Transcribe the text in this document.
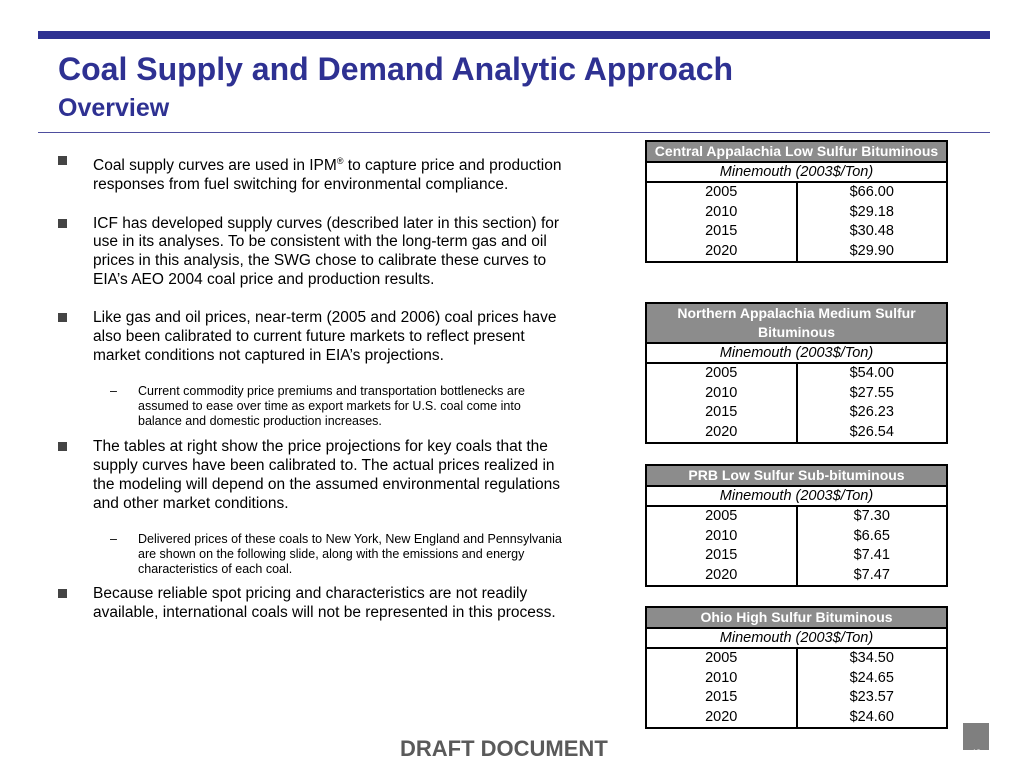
Coal Supply and Demand Analytic Approach
Overview
Coal supply curves are used in IPM® to capture price and production responses from fuel switching for environmental compliance.
ICF has developed supply curves (described later in this section) for use in its analyses. To be consistent with the long-term gas and oil prices in this analysis, the SWG chose to calibrate these curves to EIA’s AEO 2004 coal price and production results.
Like gas and oil prices, near-term (2005 and 2006) coal prices have also been calibrated to current future markets to reflect present market conditions not captured in EIA’s projections.
– Current commodity price premiums and transportation bottlenecks are assumed to ease over time as export markets for U.S. coal come into balance and domestic production increases.
The tables at right show the price projections for key coals that the supply curves have been calibrated to. The actual prices realized in the modeling will depend on the assumed environmental regulations and other market conditions.
– Delivered prices of these coals to New York, New England and Pennsylvania are shown on the following slide, along with the emissions and energy characteristics of each coal.
Because reliable spot pricing and characteristics are not readily available, international coals will not be represented in this process.
Central Appalachia Low Sulfur Bituminous
Minemouth (2003$/Ton)
2005
2010
2015
2020
$66.00
$29.18
$30.48
$29.90
Northern Appalachia Medium Sulfur Bituminous
Minemouth (2003$/Ton)
2005
2010
2015
2020
$54.00
$27.55
$26.23
$26.54
PRB Low Sulfur Sub-bituminous
Minemouth (2003$/Ton)
2005
2010
2015
2020
$7.30
$6.65
$7.41
$7.47
Ohio High Sulfur Bituminous
Minemouth (2003$/Ton)
2005
2010
2015
2020
$34.50
$24.65
$23.57
$24.60
DRAFT DOCUMENT	48
